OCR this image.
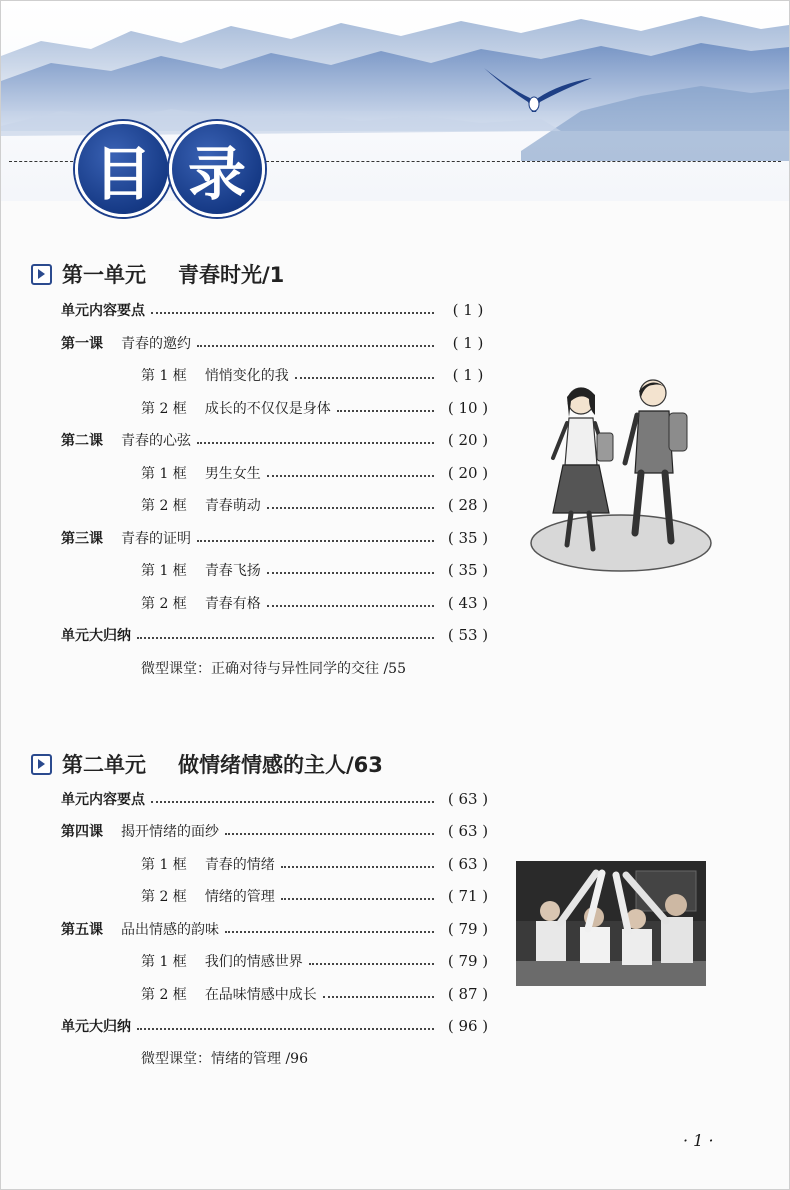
目 录
第一单元 青春时光/1
单元内容要点	( 1 )
第一课 青春的邀约	( 1 )
第 1 框 悄悄变化的我	( 1 )
第 2 框 成长的不仅仅是身体	( 10 )
第二课 青春的心弦	( 20 )
第 1 框 男生女生	( 20 )
第 2 框 青春萌动	( 28 )
第三课 青春的证明	( 35 )
第 1 框 青春飞扬	( 35 )
第 2 框 青春有格	( 43 )
单元大归纳	( 53 )
微型课堂：正确对待与异性同学的交往 /55
第二单元 做情绪情感的主人/63
单元内容要点	( 63 )
第四课 揭开情绪的面纱	( 63 )
第 1 框 青春的情绪	( 63 )
第 2 框 情绪的管理	( 71 )
第五课 品出情感的韵味	( 79 )
第 1 框 我们的情感世界	( 79 )
第 2 框 在品味情感中成长	( 87 )
单元大归纳	( 96 )
微型课堂：情绪的管理 /96
· 1 ·
